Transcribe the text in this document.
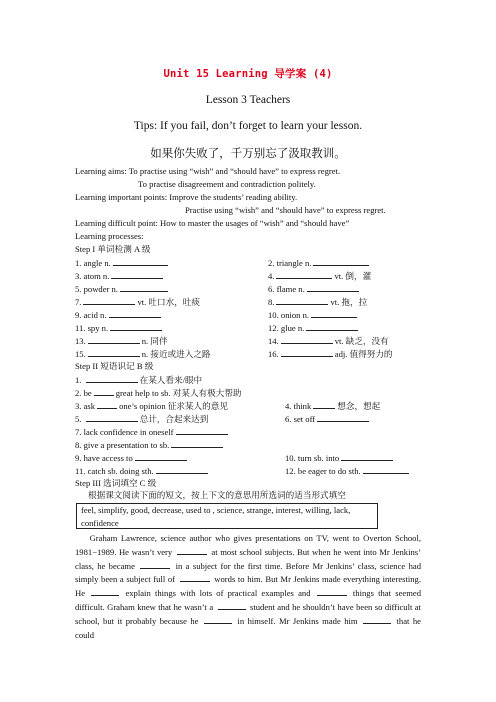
Unit 15 Learning 导学案 (4)
Lesson 3 Teachers
Tips: If you fail, don’t forget to learn your lesson.
如果你失败了，千万别忘了汲取教训。
Learning aims: To practise using “wish” and “should have” to express regret.
To practise disagreement and contradiction politely.
Learning important points: Improve the students’ reading ability.
Practise using “wish” and “should have” to express regret.
Learning difficult point: How to master the usages of “wish” and “should have”
Learning processes:
Step I 单词检测 A 级
1. angle n.	2. triangle n.
3. atom n.	4.	vt. 倒，灌
5. powder n.	6. flame n.
7.	vt. 吐口水，吐痰	8.	vt. 拖，拉
9. acid n.	10. onion n.
11. spy n.	12. glue n.
13.	n. 同伴	14.	vt. 缺乏，没有
15.	n. 接近或进入之路	16.	adj. 值得努力的
Step II 短语识记 B 级
1.	在某人看来/眼中
2. be	great help to sb. 对某人有极大帮助
3. ask	one’s opinion 征求某人的意见	4. think	想念，想起
5.	总计，合起来达到	6. set off
7. lack confidence in oneself
8. give a presentation to sb.
9. have access to	10. turn sb. into
11. catch sb. doing sth.	12. be eager to do sth.
Step III 选词填空 C 级
根据课文阅读下面的短文，按上下文的意思用所选词的适当形式填空
feel, simplify, good, decrease, used to , science, strange, interest, willing, lack, confidence
Graham Lawrence, science author who gives presentations on TV, went to Overton School, 1981−1989. He wasn’t very	at most school subjects. But when he went into Mr Jenkins’ class, he became	in a subject for the first time. Before Mr Jenkins’ class, science had simply been a subject full of	words to him. But Mr Jenkins made everything interesting. He	explain things with lots of practical examples and	things that seemed difficult. Graham knew that he wasn’t a	student and he shouldn’t have been so difficult at school, but it probably because he	in himself. Mr Jenkins made him	that he could
